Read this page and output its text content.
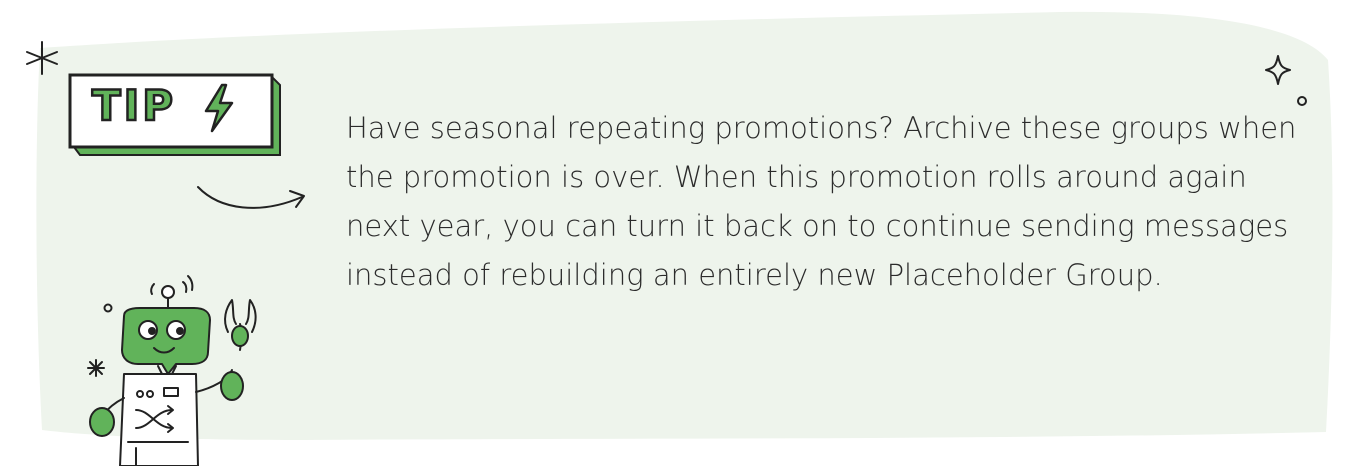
TIP	Have seasonal repeating promotions? Archive these groups when the promotion is over. When this promotion rolls around again next year, you can turn it back on to continue sending messages instead of rebuilding an entirely new Placeholder Group.
